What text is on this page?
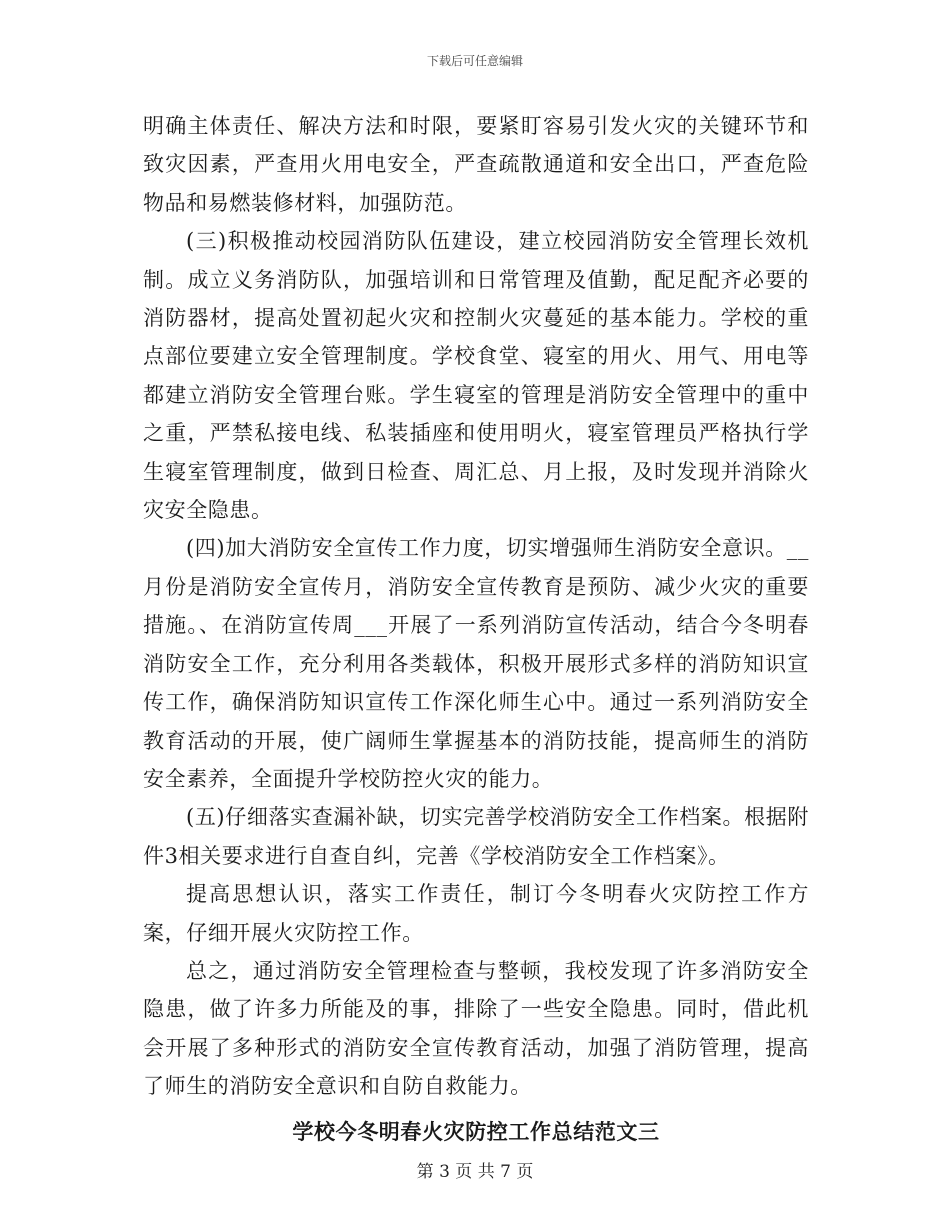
下载后可任意编辑

明确主体责任、解决方法和时限，要紧盯容易引发火灾的关键环节和致灾因素，严查用火用电安全，严查疏散通道和安全出口，严查危险物品和易燃装修材料，加强防范。

(三)积极推动校园消防队伍建设，建立校园消防安全管理长效机制。成立义务消防队，加强培训和日常管理及值勤，配足配齐必要的消防器材，提高处置初起火灾和控制火灾蔓延的基本能力。学校的重点部位要建立安全管理制度。学校食堂、寝室的用火、用气、用电等都建立消防安全管理台账。学生寝室的管理是消防安全管理中的重中之重，严禁私接电线、私装插座和使用明火，寝室管理员严格执行学生寝室管理制度，做到日检查、周汇总、月上报，及时发现并消除火灾安全隐患。

(四)加大消防安全宣传工作力度，切实增强师生消防安全意识。__月份是消防安全宣传月，消防安全宣传教育是预防、减少火灾的重要措施。、在消防宣传周___开展了一系列消防宣传活动，结合今冬明春消防安全工作，充分利用各类载体，积极开展形式多样的消防知识宣传工作，确保消防知识宣传工作深化师生心中。通过一系列消防安全教育活动的开展，使广阔师生掌握基本的消防技能，提高师生的消防安全素养，全面提升学校防控火灾的能力。

(五)仔细落实查漏补缺，切实完善学校消防安全工作档案。根据附件3相关要求进行自查自纠，完善《学校消防安全工作档案》。

提高思想认识，落实工作责任，制订今冬明春火灾防控工作方案，仔细开展火灾防控工作。

总之，通过消防安全管理检查与整顿，我校发现了许多消防安全隐患，做了许多力所能及的事，排除了一些安全隐患。同时，借此机会开展了多种形式的消防安全宣传教育活动，加强了消防管理，提高了师生的消防安全意识和自防自救能力。

学校今冬明春火灾防控工作总结范文三
第 3 页 共 7 页
